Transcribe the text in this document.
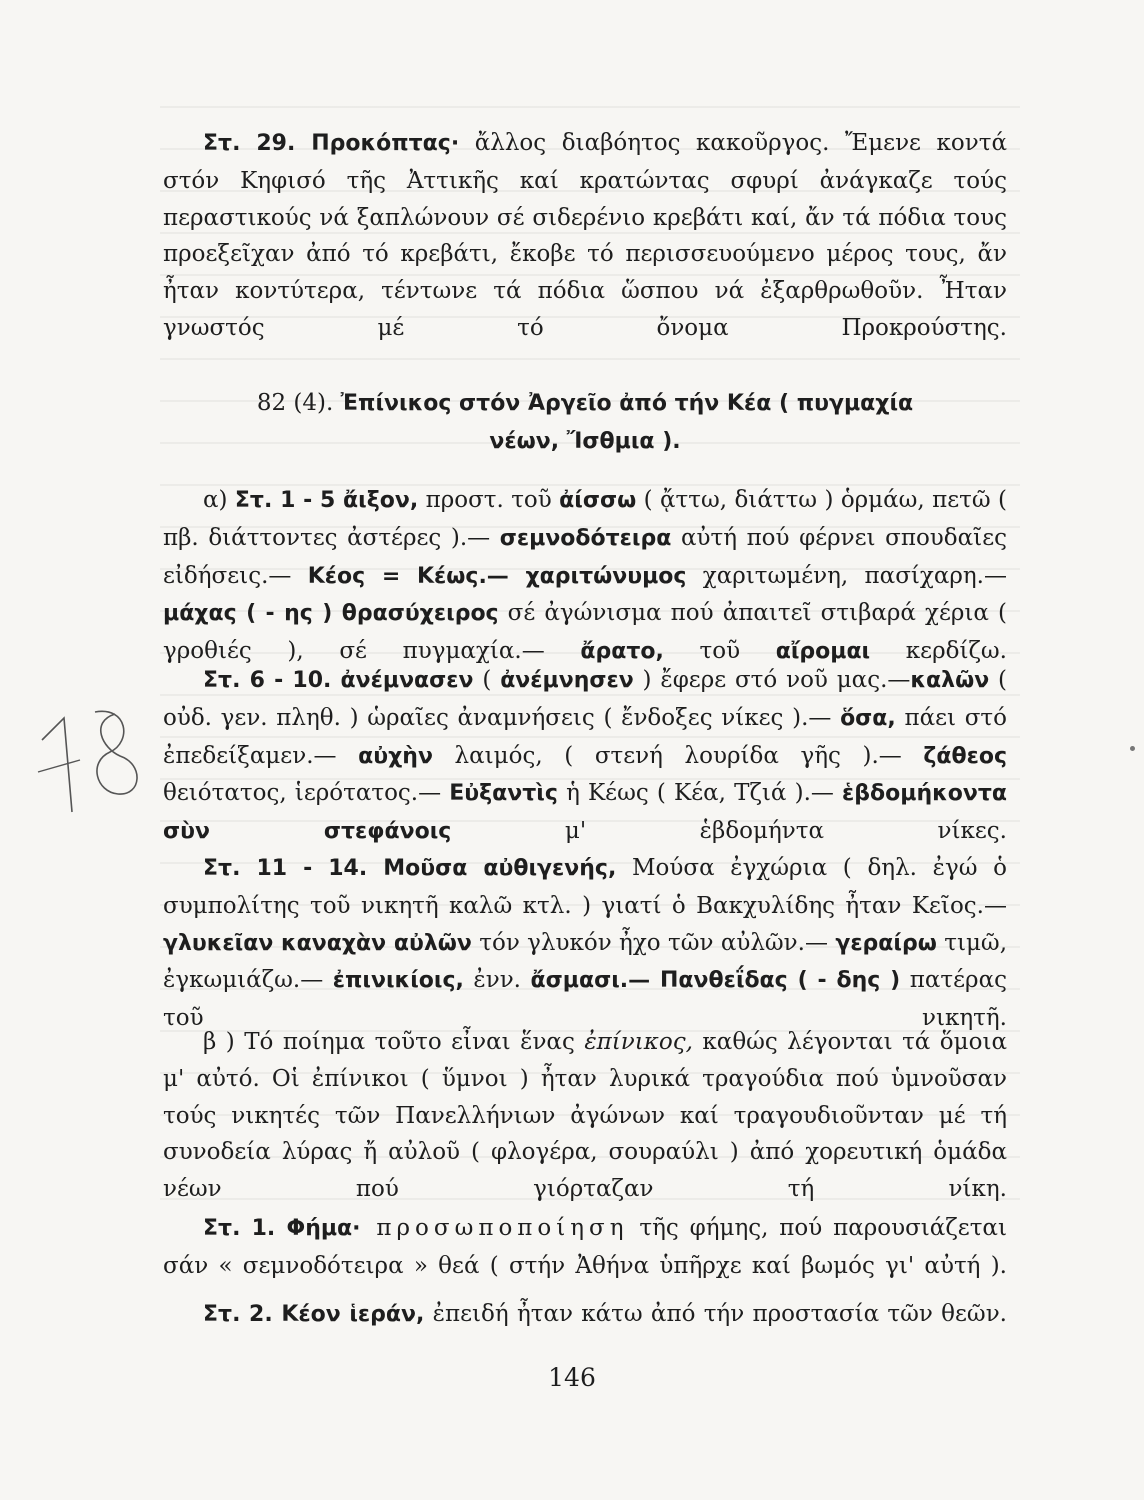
Στ. 29. Προκόπτας· ἄλλος διαβόητος κακοῦργος. Ἔμενε κοντά στόν Κηφισό τῆς Ἀττικῆς καί κρατώντας σφυρί ἀνάγκαζε τούς περαστικούς νά ξαπλώνουν σέ σιδερένιο κρεβάτι καί, ἄν τά πόδια τους προεξεῖχαν ἀπό τό κρεβάτι, ἔκοβε τό περισσευούμενο μέρος τους, ἄν ἦταν κοντύτερα, τέντωνε τά πόδια ὥσπου νά ἐξαρθρωθοῦν. Ἦταν γνωστός μέ τό ὄνομα Προκρούστης.
82 (4). Ἐπίνικος στόν Ἀργεῖο ἀπό τήν Κέα ( πυγμαχία
νέων, Ἴσθμια ).
α) Στ. 1 - 5 ἄιξον, προστ. τοῦ ἀίσσω ( ᾄττω, διάττω ) ὁρμάω, πετῶ ( πβ. διάττοντες ἀστέρες ).— σεμνοδότειρα αὐτή πού φέρνει σπουδαῖες εἰδήσεις.— Κέος = Κέως.— χαριτώνυμος χαριτωμένη, πασίχαρη.— μάχας ( - ης ) θρασύχειρος σέ ἀγώνισμα πού ἀπαιτεῖ στιβαρά χέρια ( γροθιές ), σέ πυγμαχία.— ἄρατο, τοῦ αἴρομαι κερδίζω.
Στ. 6 - 10. ἀνέμνασεν ( ἀνέμνησεν ) ἔφερε στό νοῦ μας.—καλῶν ( οὐδ. γεν. πληθ. ) ὡραῖες ἀναμνήσεις ( ἔνδοξες νίκες ).— ὅσα, πάει στό ἐπεδείξαμεν.— αὐχὴν λαιμός, ( στενή λουρίδα γῆς ).— ζάθεος θειότατος, ἱερότατος.— Εὐξαντὶς ἡ Κέως ( Κέα, Τζιά ).— ἑβδομήκοντα σὺν στεφάνοις μ' ἑβδομήντα νίκες.
Στ. 11 - 14. Μοῦσα αὐθιγενής, Μούσα ἐγχώρια ( δηλ. ἐγώ ὁ συμπολίτης τοῦ νικητῆ καλῶ κτλ. ) γιατί ὁ Βακχυλίδης ἦταν Κεῖος.— γλυκεῖαν καναχὰν αὐλῶν τόν γλυκόν ἦχο τῶν αὐλῶν.— γεραίρω τιμῶ, ἐγκωμιάζω.— ἐπινικίοις, ἐνν. ἄσμασι.— Πανθεΐδας ( - δης ) πατέρας τοῦ νικητῆ.
β ) Τό ποίημα τοῦτο εἶναι ἕνας ἐπίνικος, καθώς λέγονται τά ὅμοια μ' αὐτό. Οἱ ἐπίνικοι ( ὕμνοι ) ἦταν λυρικά τραγούδια πού ὑμνοῦσαν τούς νικητές τῶν Πανελλήνιων ἀγώνων καί τραγουδιοῦνταν μέ τή συνοδεία λύρας ἤ αὐλοῦ ( φλογέρα, σουραύλι ) ἀπό χορευτική ὁμάδα νέων πού γιόρταζαν τή νίκη.
Στ. 1. Φήμα· προσωποποίηση τῆς φήμης, πού παρουσιάζεται σάν « σεμνοδότειρα » θεά ( στήν Ἀθήνα ὑπῆρχε καί βωμός γι' αὐτή ).
Στ. 2. Κέον ἱεράν, ἐπειδή ἦταν κάτω ἀπό τήν προστασία τῶν θεῶν.
146
